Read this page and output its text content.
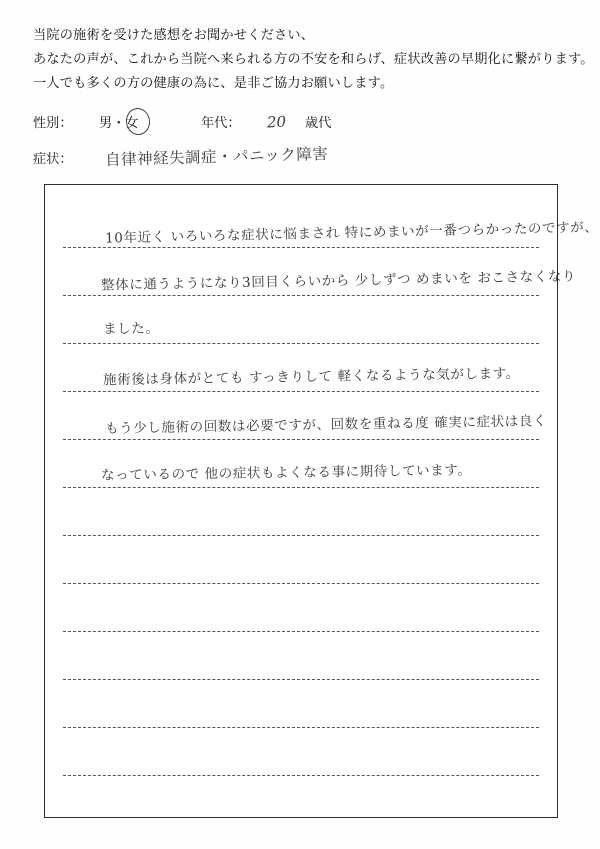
当院の施術を受けた感想をお聞かせください、
あなたの声が、これから当院へ来られる方の不安を和らげ、症状改善の早期化に繋がります。
一人でも多くの方の健康の為に、是非ご協力お願いします。
性別： 男・女	年代： 20 歳代
症状： 自律神経失調症・パニック障害
10年近く いろいろな症状に悩まされ 特にめまいが一番つらかったのですが、
整体に通うようになり3回目くらいから 少しずつ めまいを おこさなくなり
ました。
施術後は身体がとても すっきりして 軽くなるような気がします。
もう少し施術の回数は必要ですが、回数を重ねる度 確実に症状は良く
なっているので 他の症状もよくなる事に期待しています。
